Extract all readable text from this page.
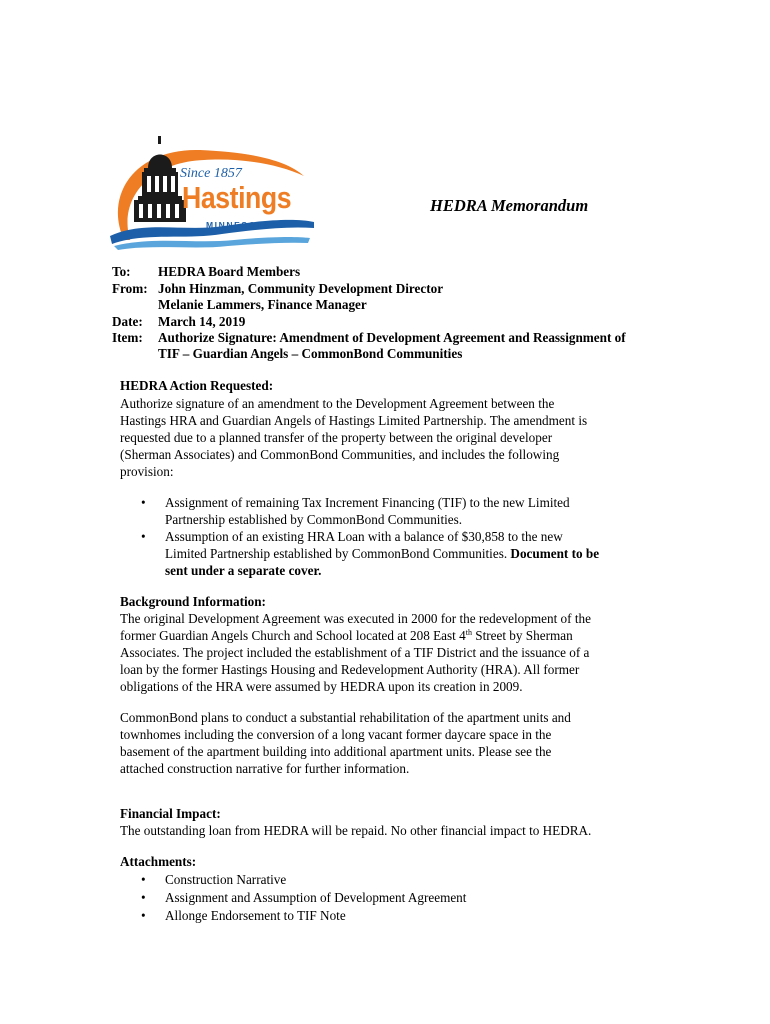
Since 1857
Hastings
MINNESOTA
HEDRA Memorandum
To: HEDRA Board Members
From: John Hinzman, Community Development Director
Melanie Lammers, Finance Manager
Date: March 14, 2019
Item: Authorize Signature: Amendment of Development Agreement and Reassignment of
TIF – Guardian Angels – CommonBond Communities
HEDRA Action Requested:
Authorize signature of an amendment to the Development Agreement between the
Hastings HRA and Guardian Angels of Hastings Limited Partnership. The amendment is
requested due to a planned transfer of the property between the original developer
(Sherman Associates) and CommonBond Communities, and includes the following
provision:
• Assignment of remaining Tax Increment Financing (TIF) to the new Limited
Partnership established by CommonBond Communities.
• Assumption of an existing HRA Loan with a balance of $30,858 to the new
Limited Partnership established by CommonBond Communities. Document to be
sent under a separate cover.
Background Information:
The original Development Agreement was executed in 2000 for the redevelopment of the
former Guardian Angels Church and School located at 208 East 4th Street by Sherman
Associates. The project included the establishment of a TIF District and the issuance of a
loan by the former Hastings Housing and Redevelopment Authority (HRA). All former
obligations of the HRA were assumed by HEDRA upon its creation in 2009.
CommonBond plans to conduct a substantial rehabilitation of the apartment units and
townhomes including the conversion of a long vacant former daycare space in the
basement of the apartment building into additional apartment units. Please see the
attached construction narrative for further information.
Financial Impact:
The outstanding loan from HEDRA will be repaid. No other financial impact to HEDRA.
Attachments:
• Construction Narrative
• Assignment and Assumption of Development Agreement
• Allonge Endorsement to TIF Note
